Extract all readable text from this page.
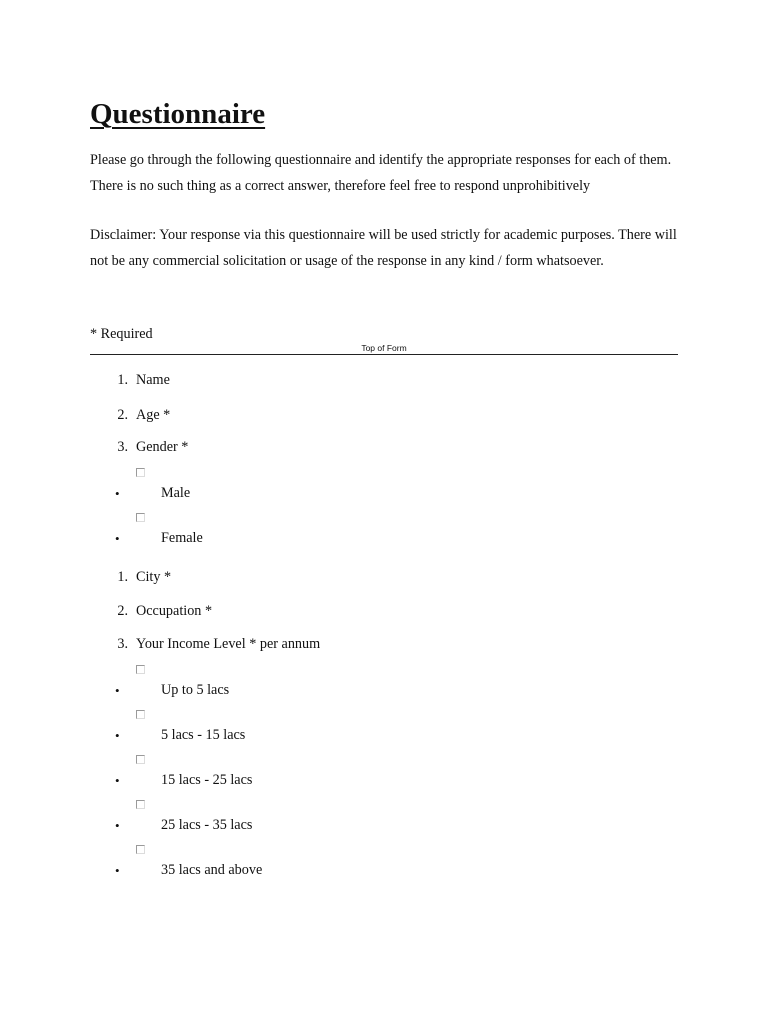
Questionnaire

Please go through the following questionnaire and identify the appropriate responses for each of them. There is no such thing as a correct answer, therefore feel free to respond unprohibitively

Disclaimer: Your response via this questionnaire will be used strictly for academic purposes. There will not be any commercial solicitation or usage of the response in any kind / form whatsoever.

* Required

Top of Form
1. Name
2. Age *
3. Gender *
•	Male
•	Female
1. City *
2. Occupation *
3. Your Income Level * per annum
•	Up to 5 lacs
•	5 lacs - 15 lacs
•	15 lacs - 25 lacs
•	25 lacs - 35 lacs
•	35 lacs and above
